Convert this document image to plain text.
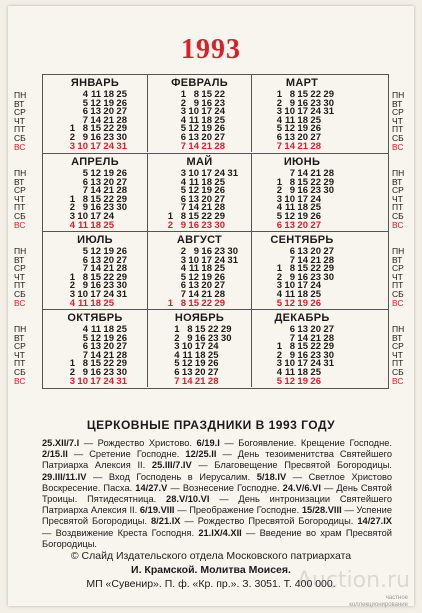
1993
ЯНВАРЬ
1
2
3
4
5
6
7
8
9
10
11
12
13
14
15
16
17
18
19
20
21
22
23
24
25
26
27
28
29
30
31
ФЕВРАЛЬ
1
2
3
4
5
6
7
8
9
10
11
12
13
14
15
16
17
18
19
20
21
22
23
24
25
26
27
28
МАРТ
1
2
3
4
5
6
7
8
9
10
11
12
13
14
15
16
17
18
19
20
21
22
23
24
25
26
27
28
29
30
31
АПРЕЛЬ
1
2
3
4
5
6
7
8
9
10
11
12
13
14
15
16
17
18
19
20
21
22
23
24
25
26
27
28
29
30
МАЙ
1
2
3
4
5
6
7
8
9
10
11
12
13
14
15
16
17
18
19
20
21
22
23
24
25
26
27
28
29
30
31
ИЮНЬ
1
2
3
4
5
6
7
8
9
10
11
12
13
14
15
16
17
18
19
20
21
22
23
24
25
26
27
28
29
30
ИЮЛЬ
1
2
3
4
5
6
7
8
9
10
11
12
13
14
15
16
17
18
19
20
21
22
23
24
25
26
27
28
29
30
31
АВГУСТ
1
2
3
4
5
6
7
8
9
10
11
12
13
14
15
16
17
18
19
20
21
22
23
24
25
26
27
28
29
30
31
СЕНТЯБРЬ
1
2
3
4
5
6
7
8
9
10
11
12
13
14
15
16
17
18
19
20
21
22
23
24
25
26
27
28
29
30
ОКТЯБРЬ
1
2
3
4
5
6
7
8
9
10
11
12
13
14
15
16
17
18
19
20
21
22
23
24
25
26
27
28
29
30
31
НОЯБРЬ
1
2
3
4
5
6
7
8
9
10
11
12
13
14
15
16
17
18
19
20
21
22
23
24
25
26
27
28
29
30
ДЕКАБРЬ
1
2
3
4
5
6
7
8
9
10
11
12
13
14
15
16
17
18
19
20
21
22
23
24
25
26
27
28
29
30
31
ЦЕРКОВНЫЕ ПРАЗДНИКИ В 1993 ГОДУ
25.XII/7.I — Рождество Христово. 6/19.I — Богоявление. Крещение Господне. 2/15.II — Сретение Господне. 12/25.II — День тезоименитства Святейшего Патриарха Алексия II. 25.III/7.IV — Благовещение Пресвятой Богородицы. 29.III/11.IV — Вход Господень в Иерусалим. 5/18.IV — Светлое Христово Воскресение. Пасха. 14/27.V — Вознесение Господне. 24.V/6.VI — День Святой Троицы. Пятидесятница. 28.V/10.VI — День интронизации Святейшего Патриарха Алексия II. 6/19.VIII — Преображение Господне. 15/28.VIII — Успение Пресвятой Богородицы. 8/21.IX — Рождество Пресвятой Богородицы. 14/27.IX — Воздвижение Креста Господня. 21.IX/4.XII — Введение во храм Пресвятой Богородицы.
© Слайд Издательского отдела Московского патриархата
И. Крамской. Молитва Моисея.
МП «Сувенир». П. ф. «Кр. пр.». З. 3051. Т. 400 000.
ПН
ВТ
СР
ЧТ
ПТ
СБ
ВС
ПН
ВТ
СР
ЧТ
ПТ
СБ
ВС
ПН
ВТ
СР
ЧТ
ПТ
СБ
ВС
ПН
ВТ
СР
ЧТ
ПТ
СБ
ВС
ПН
ВТ
СР
ЧТ
ПТ
СБ
ВС
ПН
ВТ
СР
ЧТ
ПТ
СБ
ВС
ПН
ВТ
СР
ЧТ
ПТ
СБ
ВС
ПН
ВТ
СР
ЧТ
ПТ
СБ
ВС
Auction.ru
частное коллекционирование
